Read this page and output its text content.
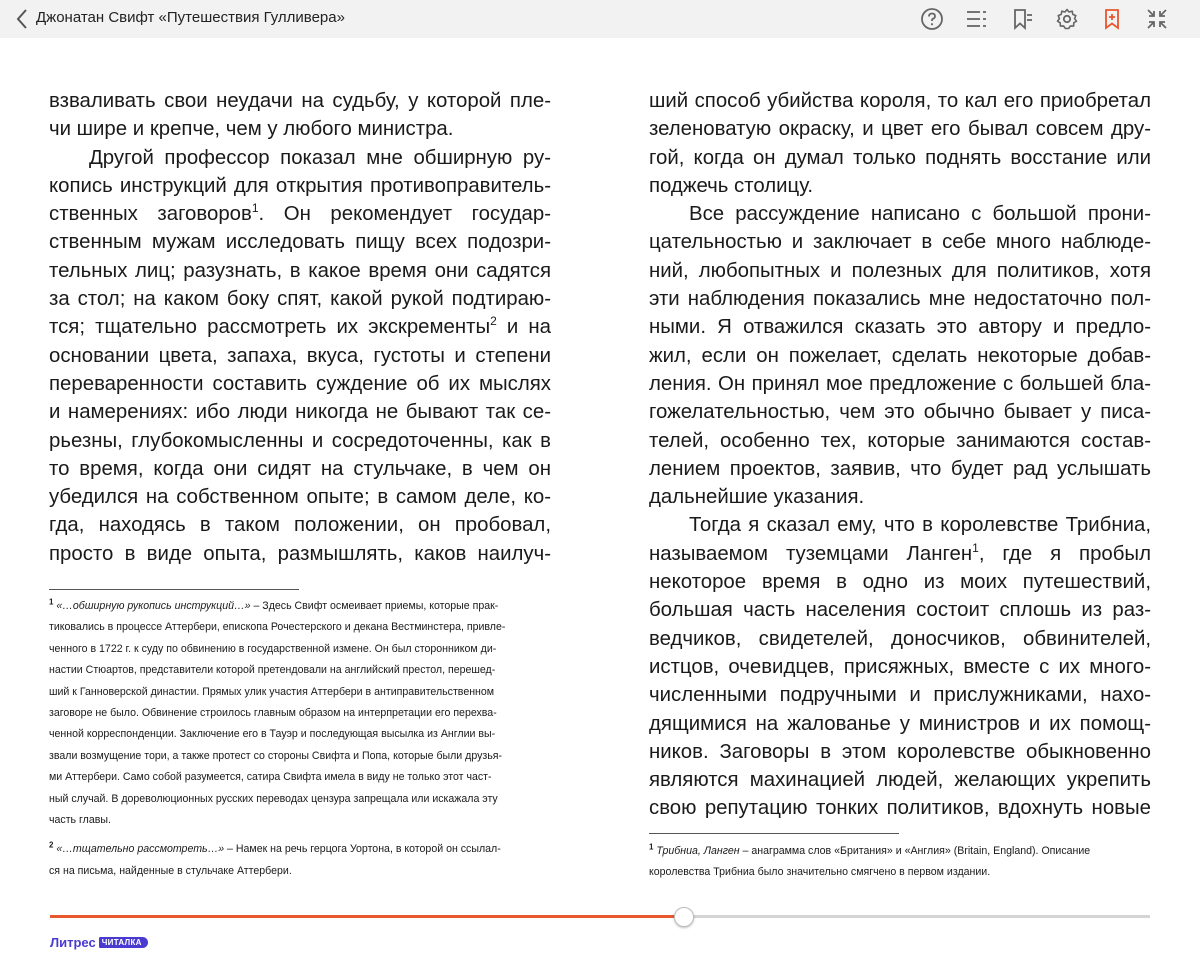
Джонатан Свифт «Путешествия Гулливера»
взваливать свои неудачи на судьбу, у которой пле-
чи шире и крепче, чем у любого министра.
Другой профессор показал мне обширную ру-
копись инструкций для открытия противоправитель-
ственных заговоров$^1$. Он рекомендует государ-
ственным мужам исследовать пищу всех подозри-
тельных лиц; разузнать, в какое время они садятся
за стол; на каком боку спят, какой рукой подтираю-
тся; тщательно рассмотреть их экскременты$^2$ и на
основании цвета, запаха, вкуса, густоты и степени
переваренности составить суждение об их мыслях
и намерениях: ибо люди никогда не бывают так се-
рьезны, глубокомысленны и сосредоточенны, как в
то время, когда они сидят на стульчаке, в чем он
убедился на собственном опыте; в самом деле, ко-
гда, находясь в таком положении, он пробовал,
просто в виде опыта, размышлять, каков наилуч-
$^1$ «…обширную рукопись инструкций…» – Здесь Свифт осмеивает приемы, которые прак-
тиковались в процессе Аттербери, епископа Рочестерского и декана Вестминстера, привле-
ченного в 1722 г. к суду по обвинению в государственной измене. Он был сторонником ди-
настии Стюартов, представители которой претендовали на английский престол, перешед-
ший к Ганноверской династии. Прямых улик участия Аттербери в антиправительственном
заговоре не было. Обвинение строилось главным образом на интерпретации его перехва-
ченной корреспонденции. Заключение его в Тауэр и последующая высылка из Англии вы-
звали возмущение тори, а также протест со стороны Свифта и Попа, которые были друзья-
ми Аттербери. Само собой разумеется, сатира Свифта имела в виду не только этот част-
ный случай. В дореволюционных русских переводах цензура запрещала или искажала эту
часть главы.
$^2$ «…тщательно рассмотреть…» – Намек на речь герцога Уортона, в которой он ссылал-
ся на письма, найденные в стульчаке Аттербери.
ший способ убийства короля, то кал его приобретал
зеленоватую окраску, и цвет его бывал совсем дру-
гой, когда он думал только поднять восстание или
поджечь столицу.
Все рассуждение написано с большой прони-
цательностью и заключает в себе много наблюде-
ний, любопытных и полезных для политиков, хотя
эти наблюдения показались мне недостаточно пол-
ными. Я отважился сказать это автору и предло-
жил, если он пожелает, сделать некоторые добав-
ления. Он принял мое предложение с большей бла-
гожелательностью, чем это обычно бывает у писа-
телей, особенно тех, которые занимаются состав-
лением проектов, заявив, что будет рад услышать
дальнейшие указания.
Тогда я сказал ему, что в королевстве Трибниа,
называемом туземцами Ланген$^1$, где я пробыл
некоторое время в одно из моих путешествий,
большая часть населения состоит сплошь из раз-
ведчиков, свидетелей, доносчиков, обвинителей,
истцов, очевидцев, присяжных, вместе с их много-
численными подручными и прислужниками, нахо-
дящимися на жалованье у министров и их помощ-
ников. Заговоры в этом королевстве обыкновенно
являются махинацией людей, желающих укрепить
свою репутацию тонких политиков, вдохнуть новые
$^1$ Трибниа, Ланген – анаграмма слов «Британия» и «Англия» (Britain, England). Описание
королевства Трибниа было значительно смягчено в первом издании.
Литрес ЧИТАЛКА
